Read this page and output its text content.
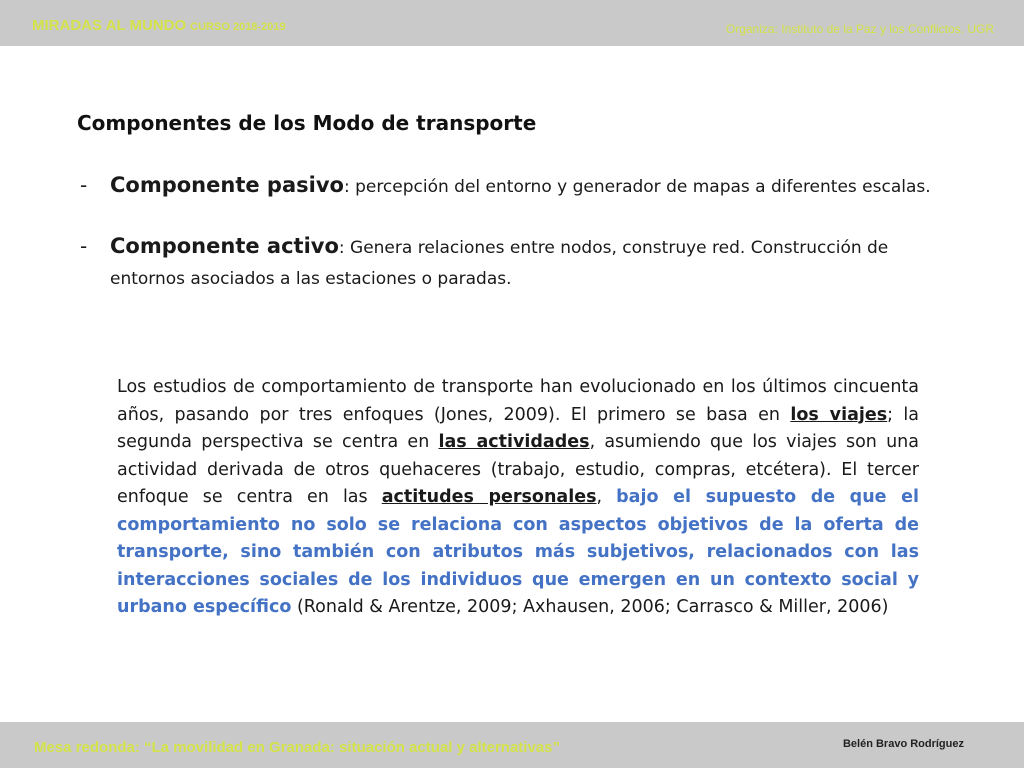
MIRADAS AL MUNDO CURSO 2018-2019	Organiza: Instituto de la Paz y los Conflictos. UGR
Componentes de los Modo de transporte
- Componente pasivo: percepción del entorno y generador de mapas a diferentes escalas.
- Componente activo: Genera relaciones entre nodos, construye red. Construcción de entornos asociados a las estaciones o paradas.
Los estudios de comportamiento de transporte han evolucionado en los últimos cincuenta años, pasando por tres enfoques (Jones, 2009). El primero se basa en los viajes; la segunda perspectiva se centra en las actividades, asumiendo que los viajes son una actividad derivada de otros quehaceres (trabajo, estudio, compras, etcétera). El tercer enfoque se centra en las actitudes personales, bajo el supuesto de que el comportamiento no solo se relaciona con aspectos objetivos de la oferta de transporte, sino también con atributos más subjetivos, relacionados con las interacciones sociales de los individuos que emergen en un contexto social y urbano específico (Ronald & Arentze, 2009; Axhausen, 2006; Carrasco & Miller, 2006)
Mesa redonda: “La movilidad en Granada: situación actual y alternativas”	Belén Bravo Rodríguez
